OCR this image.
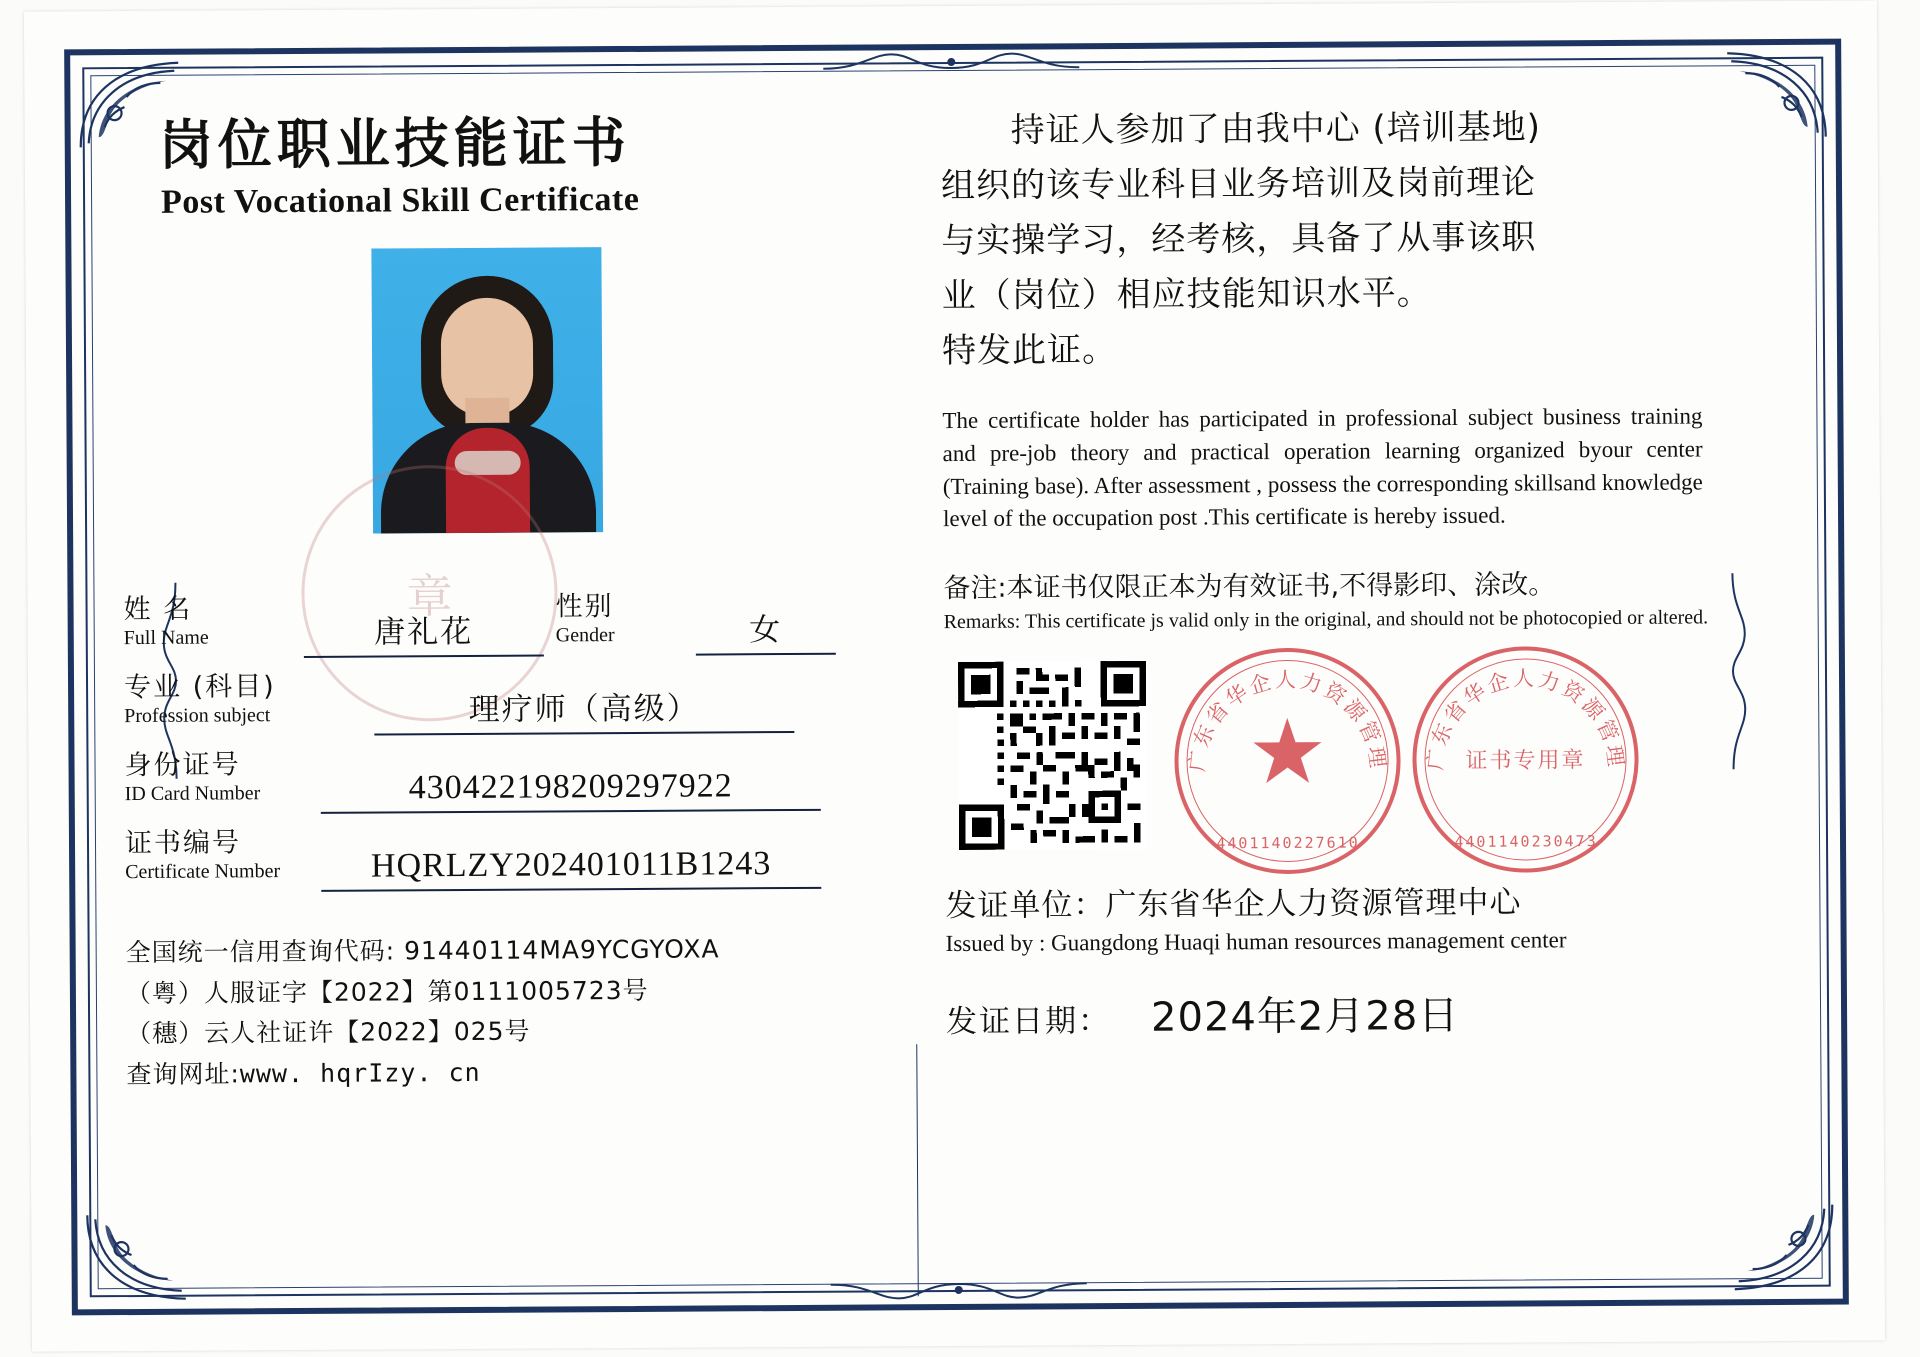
岗位职业技能证书
Post Vocational Skill Certificate
章
姓 名
Full Name	唐礼花
性别
Gender	女
专业 (科目)
Profession subject	理疗师（高级）
身份证号
ID Card Number	430422198209297922
证书编号
Certificate Number	HQRLZY202401011B1243
全国统一信用查询代码: 91440114MA9YCGYOXA
（粤）人服证字【2022】第0111005723号
（穗）云人社证许【2022】025号
查询网址:www. hqrIzy. cn
持证人参加了由我中心 (培训基地)
组织的该专业科目业务培训及岗前理论
与实操学习，经考核，具备了从事该职
业（岗位）相应技能知识水平。
特发此证。
The certificate holder has participated in professional subject business training and pre-job theory and practical operation learning organized byour center (Training base). After assessment , possess the corresponding skillsand knowledge level of the occupation post .This certificate is hereby issued.
备注:本证书仅限正本为有效证书,不得影印、涂改。
Remarks: This certificate js valid only in the original, and should not be photocopied or altered.
广东省华企人力资源管理
4401140227610
广东省华企人力资源管理
证书专用章
4401140230473
发证单位：广东省华企人力资源管理中心
Issued by : Guangdong Huaqi human resources management center
发证日期： 2024年2月28日
